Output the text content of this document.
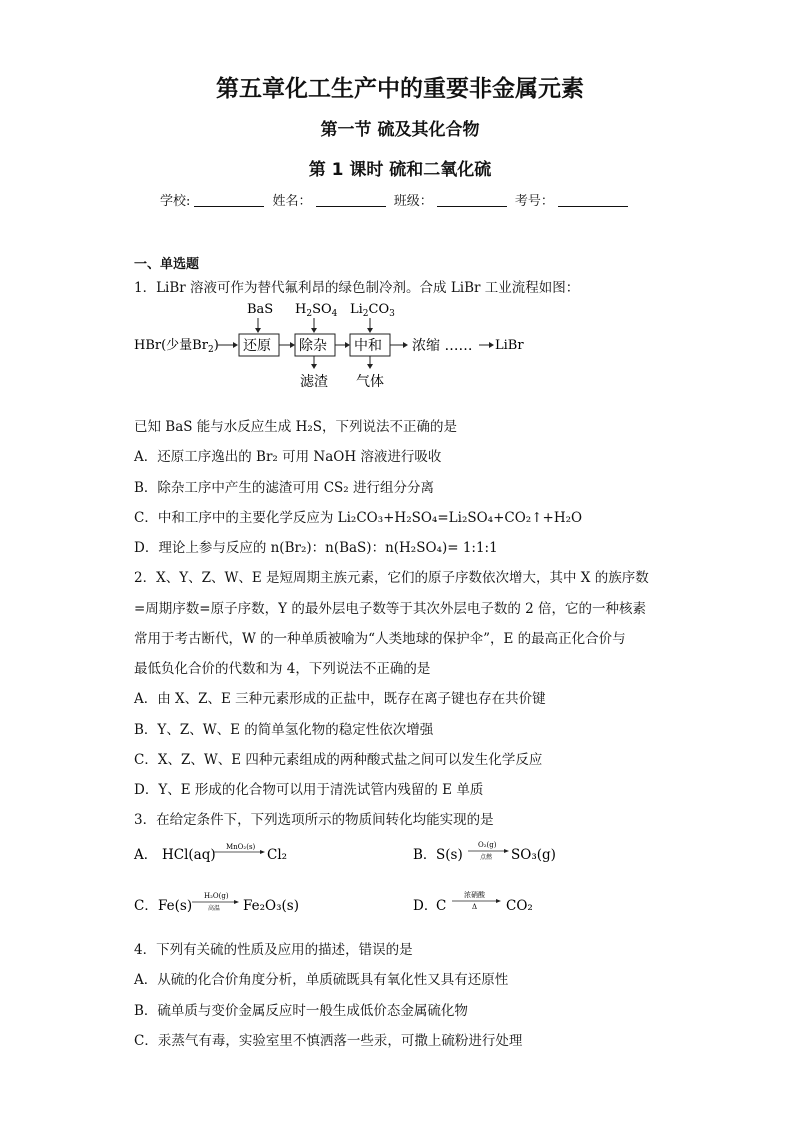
第五章化工生产中的重要非金属元素
第一节 硫及其化合物
第 1 课时 硫和二氧化硫
学校:	姓名：	班级：	考号：
一、单选题
1．LiBr 溶液可作为替代氟利昂的绿色制冷剂。合成 LiBr 工业流程如图：
BaS $H_2SO_4$ $Li_2CO_3$
HBr(少量$Br_2$) 还原 除杂 中和 浓缩 …… LiBr
滤渣 气体
已知 BaS 能与水反应生成 H₂S，下列说法不正确的是
A．还原工序逸出的 Br₂ 可用 NaOH 溶液进行吸收
B．除杂工序中产生的滤渣可用 CS₂ 进行组分分离
C．中和工序中的主要化学反应为 Li₂CO₃+H₂SO₄=Li₂SO₄+CO₂↑+H₂O
D．理论上参与反应的 n(Br₂)：n(BaS)：n(H₂SO₄)= 1:1:1
2．X、Y、Z、W、E 是短周期主族元素，它们的原子序数依次增大，其中 X 的族序数
=周期序数=原子序数，Y 的最外层电子数等于其次外层电子数的 2 倍，它的一种核素
常用于考古断代，W 的一种单质被喻为“人类地球的保护伞”，E 的最高正化合价与
最低负化合价的代数和为 4，下列说法不正确的是
A．由 X、Z、E 三种元素形成的正盐中，既存在离子键也存在共价键
B．Y、Z、W、E 的简单氢化物的稳定性依次增强
C．X、Z、W、E 四种元素组成的两种酸式盐之间可以发生化学反应
D．Y、E 形成的化合物可以用于清洗试管内残留的 E 单质
3．在给定条件下，下列选项所示的物质间转化均能实现的是
A． HCl(aq) MnO₂(s) Cl₂	B． S(s)
O₂(g)
点燃 SO₃(g)
C． Fe(s)
H₂O(g)
高温 Fe₂O₃(s)	D．
C
浓硝酸
Δ CO₂
4．下列有关硫的性质及应用的描述，错误的是
A．从硫的化合价角度分析，单质硫既具有氧化性又具有还原性
B．硫单质与变价金属反应时一般生成低价态金属硫化物
C．汞蒸气有毒，实验室里不慎洒落一些汞，可撒上硫粉进行处理
